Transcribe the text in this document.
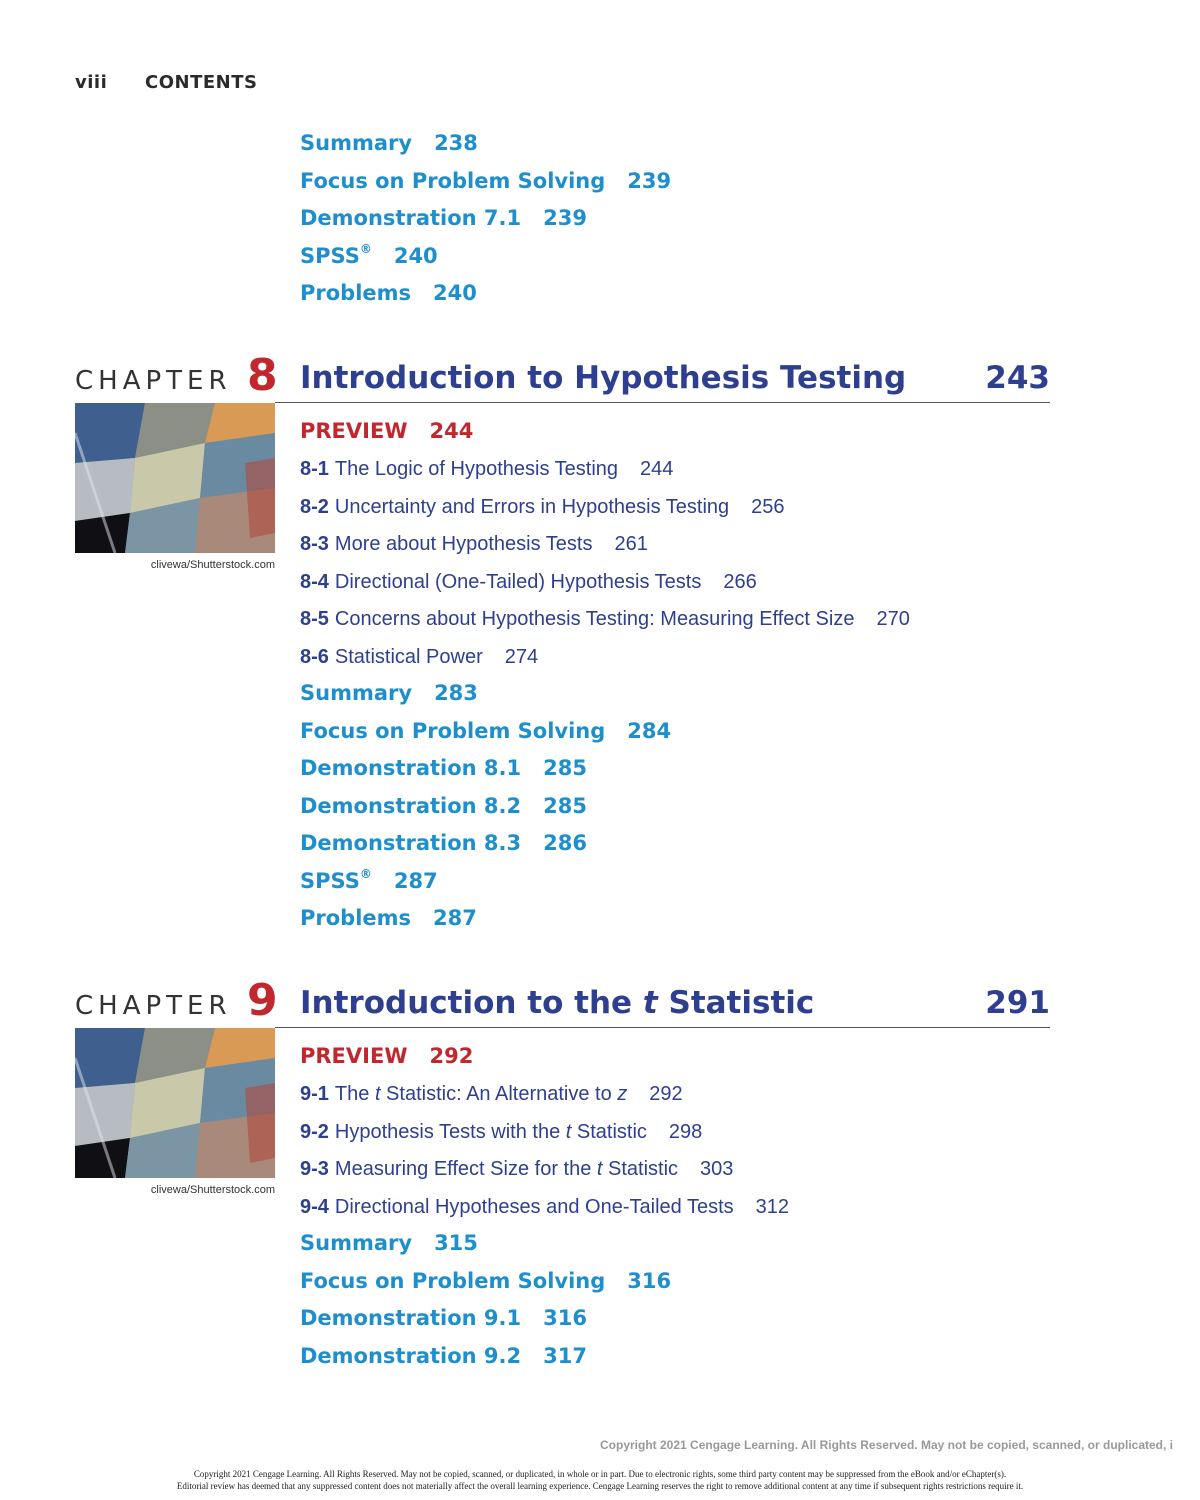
viii CONTENTS
Summary 238
Focus on Problem Solving 239
Demonstration 7.1 239
SPSS® 240
Problems 240
CHAPTER 8 Introduction to Hypothesis Testing	243
clivewa/Shutterstock.com
PREVIEW 244
8-1 The Logic of Hypothesis Testing 244
8-2 Uncertainty and Errors in Hypothesis Testing 256
8-3 More about Hypothesis Tests 261
8-4 Directional (One-Tailed) Hypothesis Tests 266
8-5 Concerns about Hypothesis Testing: Measuring Effect Size 270
8-6 Statistical Power 274
Summary 283
Focus on Problem Solving 284
Demonstration 8.1 285
Demonstration 8.2 285
Demonstration 8.3 286
SPSS® 287
Problems 287
CHAPTER 9 Introduction to the t Statistic	291
clivewa/Shutterstock.com
PREVIEW 292
9-1 The t Statistic: An Alternative to z 292
9-2 Hypothesis Tests with the t Statistic 298
9-3 Measuring Effect Size for the t Statistic 303
9-4 Directional Hypotheses and One-Tailed Tests 312
Summary 315
Focus on Problem Solving 316
Demonstration 9.1 316
Demonstration 9.2 317
Copyright 2021 Cengage Learning. All Rights Reserved. May not be copied, scanned, or duplicated, i
Copyright 2021 Cengage Learning. All Rights Reserved. May not be copied, scanned, or duplicated, in whole or in part. Due to electronic rights, some third party content may be suppressed from the eBook and/or eChapter(s).
Editorial review has deemed that any suppressed content does not materially affect the overall learning experience. Cengage Learning reserves the right to remove additional content at any time if subsequent rights restrictions require it.
